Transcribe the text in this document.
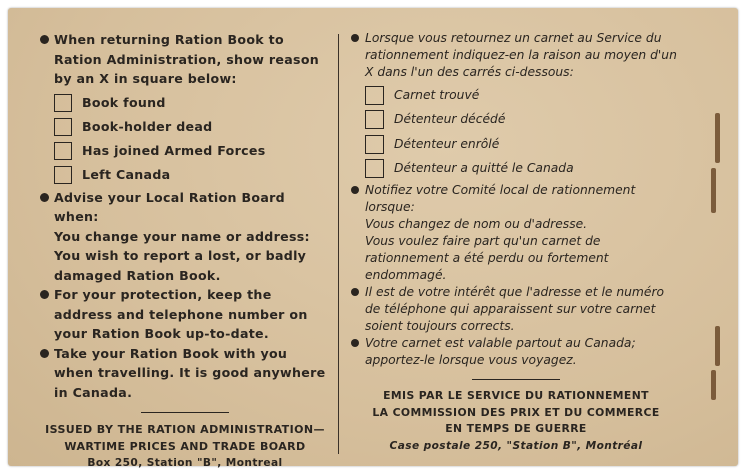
When returning Ration Book to Ration Administration, show reason by an X in square below:
Book found
Book-holder dead
Has joined Armed Forces
Left Canada
Advise your Local Ration Board when:
You change your name or address:
You wish to report a lost, or badly damaged Ration Book.
For your protection, keep the address and telephone number on your Ration Book up-to-date.
Take your Ration Book with you when travelling. It is good anywhere in Canada.
ISSUED BY THE RATION ADMINISTRATION—
WARTIME PRICES AND TRADE BOARD
Box 250, Station "B", Montreal
Lorsque vous retournez un carnet au Service du rationnement indiquez-en la raison au moyen d'un X dans l'un des carrés ci-dessous:
Carnet trouvé
Détenteur décédé
Détenteur enrôlé
Détenteur a quitté le Canada
Notifiez votre Comité local de rationnement lorsque:
Vous changez de nom ou d'adresse.
Vous voulez faire part qu'un carnet de rationnement a été perdu ou fortement endommagé.
Il est de votre intérêt que l'adresse et le numéro de téléphone qui apparaissent sur votre carnet soient toujours corrects.
Votre carnet est valable partout au Canada; apportez-le lorsque vous voyagez.
EMIS PAR LE SERVICE DU RATIONNEMENT
LA COMMISSION DES PRIX ET DU COMMERCE
EN TEMPS DE GUERRE
Case postale 250, "Station B", Montréal
